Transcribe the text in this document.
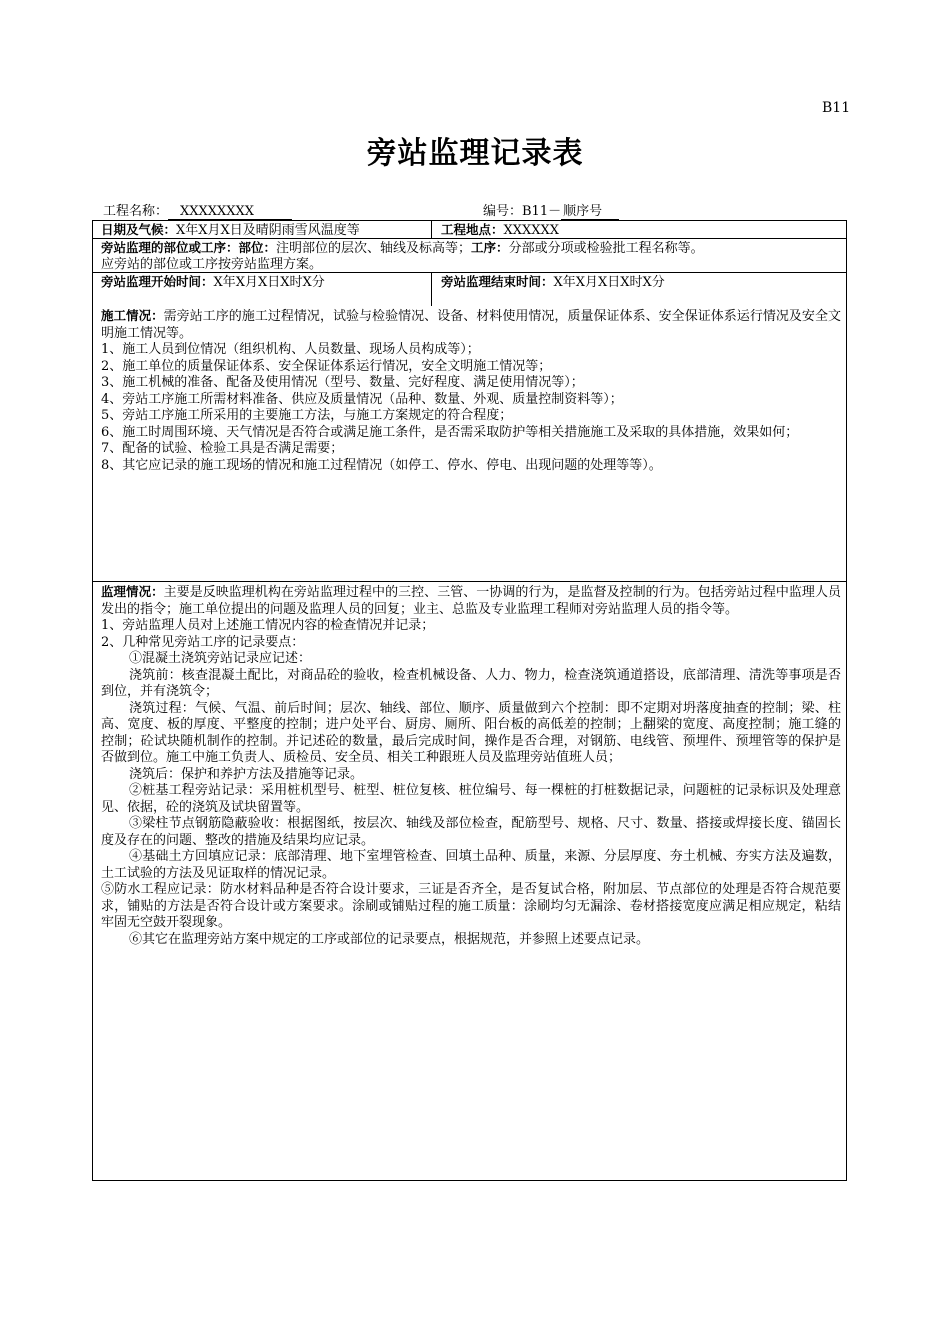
B11
旁站监理记录表
工程名称： XXXXXXXX	编号：B11－ 顺序号
日期及气候：X年X月X日及晴阴雨雪风温度等	工程地点：XXXXXX
旁站监理的部位或工序：部位：注明部位的层次、轴线及标高等；工序：分部或分项或检验批工程名称等。
应旁站的部位或工序按旁站监理方案。
旁站监理开始时间：X年X月X日X时X分	旁站监理结束时间：X年X月X日X时X分

施工情况：需旁站工序的施工过程情况，试验与检验情况、设备、材料使用情况，质量保证体系、安全保证体系运行情况及安全文明施工情况等。

1、施工人员到位情况（组织机构、人员数量、现场人员构成等）；

2、施工单位的质量保证体系、安全保证体系运行情况，安全文明施工情况等；

3、施工机械的准备、配备及使用情况（型号、数量、完好程度、满足使用情况等）；

4、旁站工序施工所需材料准备、供应及质量情况（品种、数量、外观、质量控制资料等）；

5、旁站工序施工所采用的主要施工方法，与施工方案规定的符合程度；

6、施工时周围环境、天气情况是否符合或满足施工条件，是否需采取防护等相关措施施工及采取的具体措施，效果如何；

7、配备的试验、检验工具是否满足需要；

8、其它应记录的施工现场的情况和施工过程情况（如停工、停水、停电、出现问题的处理等等）。

监理情况：主要是反映监理机构在旁站监理过程中的三控、三管、一协调的行为，是监督及控制的行为。包括旁站过程中监理人员发出的指令；施工单位提出的问题及监理人员的回复；业主、总监及专业监理工程师对旁站监理人员的指令等。

1、旁站监理人员对上述施工情况内容的检查情况并记录；

2、几种常见旁站工序的记录要点：

①混凝土浇筑旁站记录应记述：

浇筑前：核查混凝土配比，对商品砼的验收，检查机械设备、人力、物力，检查浇筑通道搭设，底部清理、清洗等事项是否到位，并有浇筑令；

浇筑过程：气候、气温、前后时间；层次、轴线、部位、顺序、质量做到六个控制：即不定期对坍落度抽查的控制；梁、柱高、宽度、板的厚度、平整度的控制；进户处平台、厨房、厕所、阳台板的高低差的控制；上翻梁的宽度、高度控制；施工缝的控制；砼试块随机制作的控制。并记述砼的数量，最后完成时间，操作是否合理，对钢筋、电线管、预埋件、预埋管等的保护是否做到位。施工中施工负责人、质检员、安全员、相关工种跟班人员及监理旁站值班人员；

浇筑后：保护和养护方法及措施等记录。

②桩基工程旁站记录：采用桩机型号、桩型、桩位复核、桩位编号、每一棵桩的打桩数据记录，问题桩的记录标识及处理意见、依据，砼的浇筑及试块留置等。

③梁柱节点钢筋隐蔽验收：根据图纸，按层次、轴线及部位检查，配筋型号、规格、尺寸、数量、搭接或焊接长度、锚固长度及存在的问题、整改的措施及结果均应记录。

④基础土方回填应记录：底部清理、地下室埋管检查、回填土品种、质量，来源、分层厚度、夯土机械、夯实方法及遍数，土工试验的方法及见证取样的情况记录。

⑤防水工程应记录：防水材料品种是否符合设计要求，三证是否齐全，是否复试合格，附加层、节点部位的处理是否符合规范要求，铺贴的方法是否符合设计或方案要求。涂刷或铺贴过程的施工质量：涂刷均匀无漏涂、卷材搭接宽度应满足相应规定，粘结牢固无空鼓开裂现象。

⑥其它在监理旁站方案中规定的工序或部位的记录要点，根据规范，并参照上述要点记录。
